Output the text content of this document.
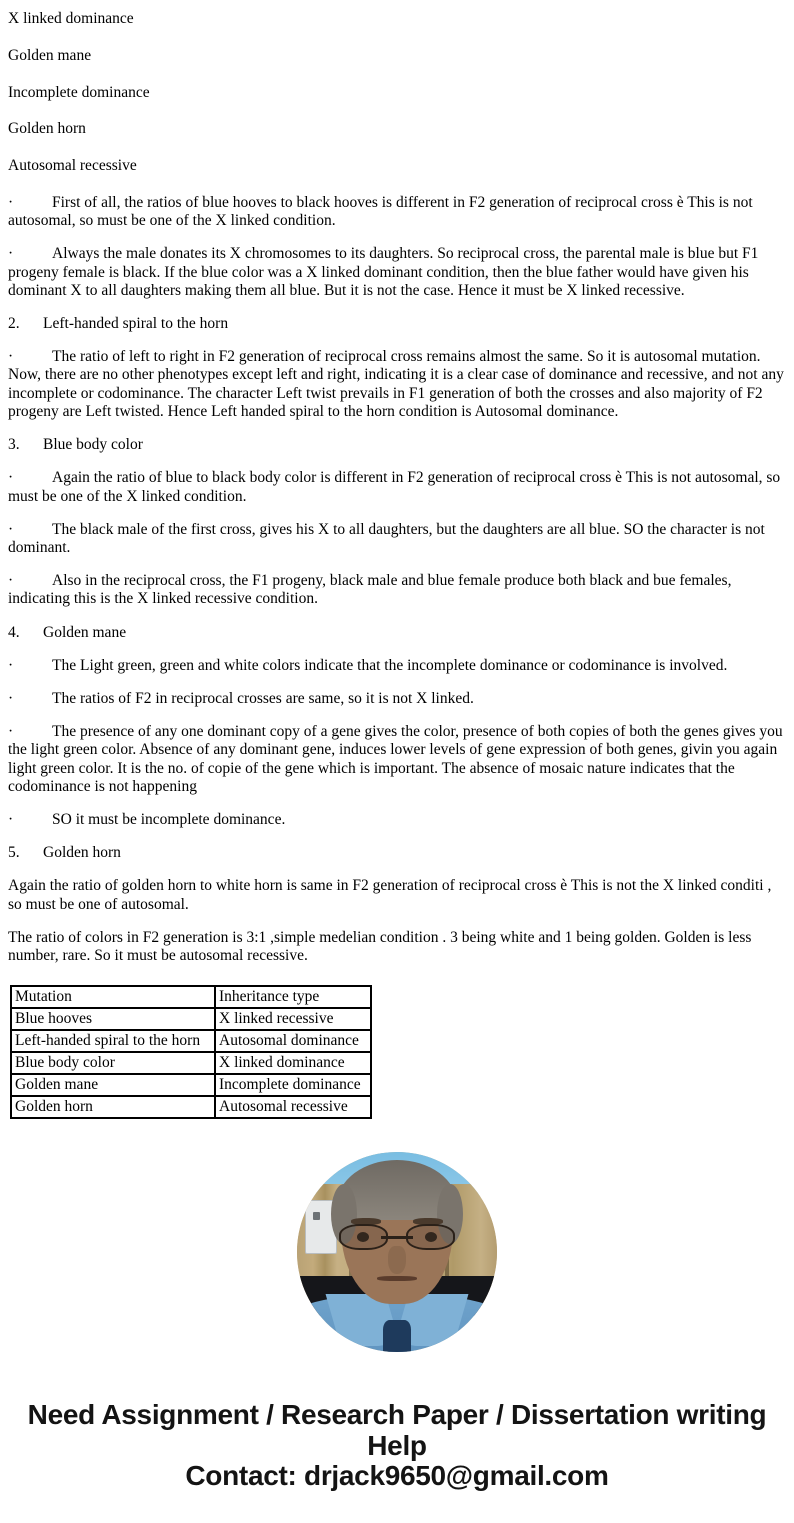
X linked dominance

Golden mane

Incomplete dominance

Golden horn

Autosomal recessive

·	First of all, the ratios of blue hooves to black hooves is different in F2 generation of reciprocal cross è This is not autosomal, so must be one of the X linked condition.

·	Always the male donates its X chromosomes to its daughters. So reciprocal cross, the parental male is blue but F1 progeny female is black. If the blue color was a X linked dominant condition, then the blue father would have given his dominant X to all daughters making them all blue. But it is not the case. Hence it must be X linked recessive.

2. Left-handed spiral to the horn

·	The ratio of left to right in F2 generation of reciprocal cross remains almost the same. So it is autosomal mutation. Now, there are no other phenotypes except left and right, indicating it is a clear case of dominance and recessive, and not any incomplete or codominance. The character Left twist prevails in F1 generation of both the crosses and also majority of F2 progeny are Left twisted. Hence Left handed spiral to the horn condition is Autosomal dominance.

3. Blue body color

·	Again the ratio of blue to black body color is different in F2 generation of reciprocal cross è This is not autosomal, so must be one of the X linked condition.

·	The black male of the first cross, gives his X to all daughters, but the daughters are all blue. SO the character is not dominant.

·	Also in the reciprocal cross, the F1 progeny, black male and blue female produce both black and bue females, indicating this is the X linked recessive condition.

4. Golden mane

·	The Light green, green and white colors indicate that the incomplete dominance or codominance is involved.

·	The ratios of F2 in reciprocal crosses are same, so it is not X linked.

·	The presence of any one dominant copy of a gene gives the color, presence of both copies of both the genes gives you the light green color. Absence of any dominant gene, induces lower levels of gene expression of both genes, givin you again light green color. It is the no. of copie of the gene which is important. The absence of mosaic nature indicates that the codominance is not happening

·	SO it must be incomplete dominance.

5. Golden horn

Again the ratio of golden horn to white horn is same in F2 generation of reciprocal cross è This is not the X linked conditi , so must be one of autosomal.

The ratio of colors in F2 generation is 3:1 ,simple medelian condition . 3 being white and 1 being golden. Golden is less number, rare. So it must be autosomal recessive.

Mutation	Inheritance type
Blue hooves	X linked recessive
Left-handed spiral to the horn	Autosomal dominance
Blue body color	X linked dominance
Golden mane	Incomplete dominance
Golden horn	Autosomal recessive
Need Assignment / Research Paper / Dissertation writing Help
Contact: drjack9650@gmail.com
